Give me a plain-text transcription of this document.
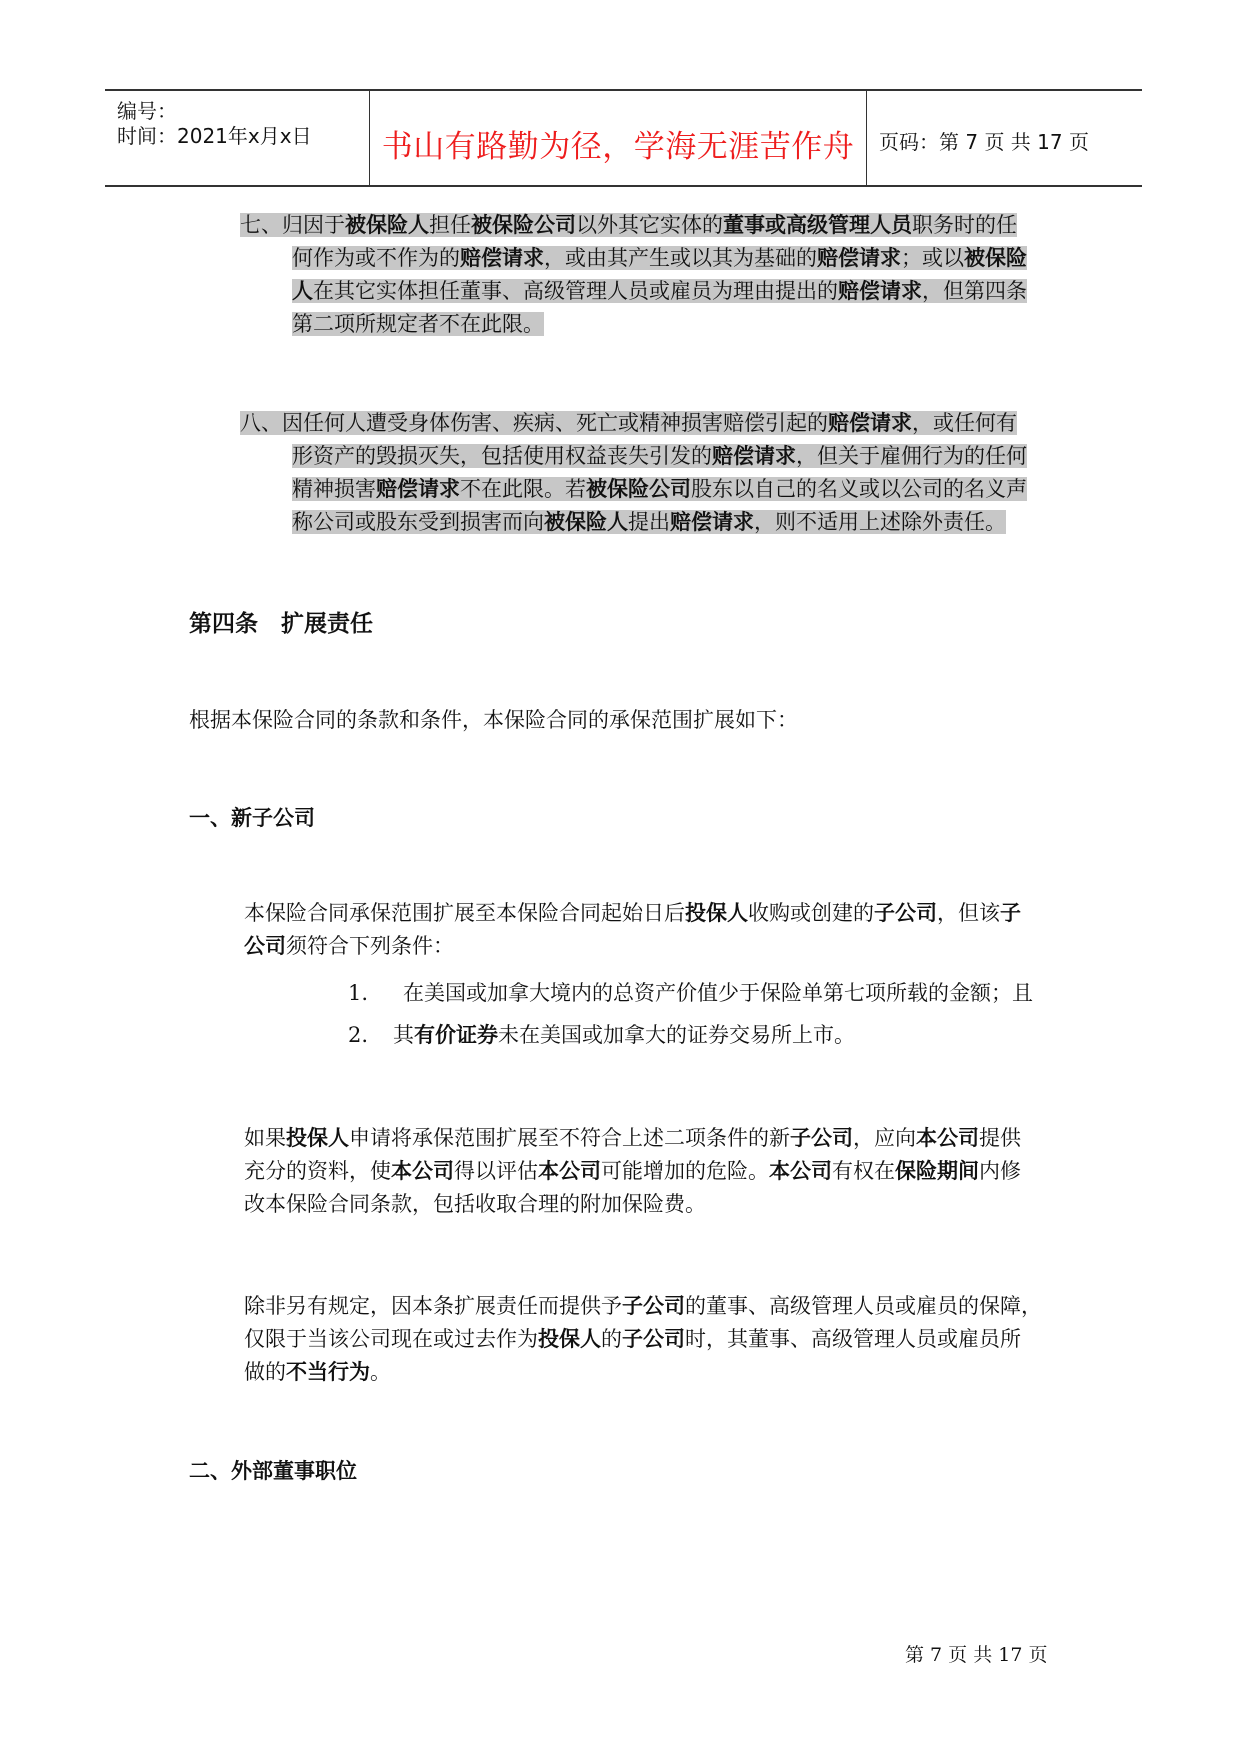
编号：
时间：2021年x月x日	书山有路勤为径，学海无涯苦作舟	页码：第 7 页 共 17 页
七、归因于被保险人担任被保险公司以外其它实体的董事或高级管理人员职务时的任
何作为或不作为的赔偿请求，或由其产生或以其为基础的赔偿请求；或以被保险
人在其它实体担任董事、高级管理人员或雇员为理由提出的赔偿请求，但第四条
第二项所规定者不在此限。
八、因任何人遭受身体伤害、疾病、死亡或精神损害赔偿引起的赔偿请求，或任何有
形资产的毁损灭失，包括使用权益丧失引发的赔偿请求，但关于雇佣行为的任何
精神损害赔偿请求不在此限。若被保险公司股东以自己的名义或以公司的名义声
称公司或股东受到损害而向被保险人提出赔偿请求，则不适用上述除外责任。
第四条　扩展责任
根据本保险合同的条款和条件，本保险合同的承保范围扩展如下：
一、新子公司
本保险合同承保范围扩展至本保险合同起始日后投保人收购或创建的子公司，但该子
公司须符合下列条件：
1. 在美国或加拿大境内的总资产价值少于保险单第七项所载的金额；且
2. 其有价证券未在美国或加拿大的证券交易所上市。
如果投保人申请将承保范围扩展至不符合上述二项条件的新子公司，应向本公司提供
充分的资料，使本公司得以评估本公司可能增加的危险。本公司有权在保险期间内修
改本保险合同条款，包括收取合理的附加保险费。
除非另有规定，因本条扩展责任而提供予子公司的董事、高级管理人员或雇员的保障，
仅限于当该公司现在或过去作为投保人的子公司时，其董事、高级管理人员或雇员所
做的不当行为。
二、外部董事职位
第 7 页 共 17 页
